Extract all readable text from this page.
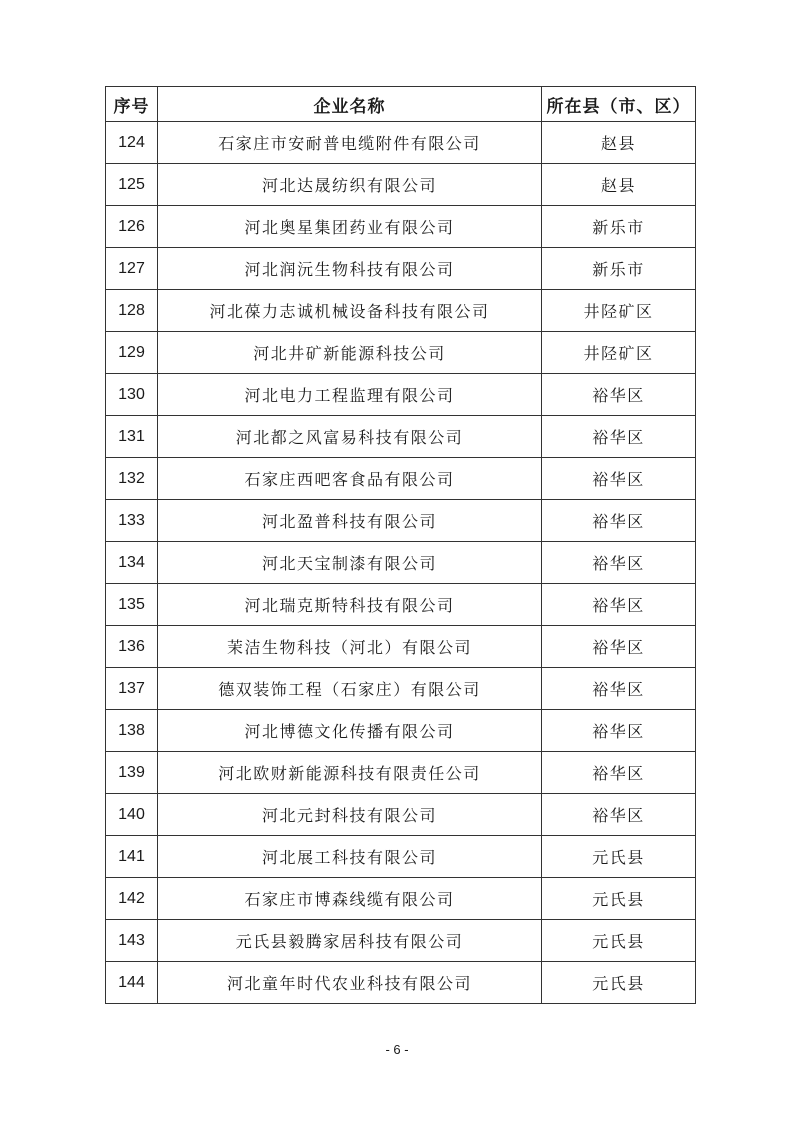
序号	企业名称	所在县（市、区）
124	石家庄市安耐普电缆附件有限公司	赵县
125	河北达晟纺织有限公司	赵县
126	河北奥星集团药业有限公司	新乐市
127	河北润沅生物科技有限公司	新乐市
128	河北葆力志诚机械设备科技有限公司	井陉矿区
129	河北井矿新能源科技公司	井陉矿区
130	河北电力工程监理有限公司	裕华区
131	河北都之风富易科技有限公司	裕华区
132	石家庄西吧客食品有限公司	裕华区
133	河北盈普科技有限公司	裕华区
134	河北天宝制漆有限公司	裕华区
135	河北瑞克斯特科技有限公司	裕华区
136	茉洁生物科技（河北）有限公司	裕华区
137	德双装饰工程（石家庄）有限公司	裕华区
138	河北博德文化传播有限公司	裕华区
139	河北欧财新能源科技有限责任公司	裕华区
140	河北元封科技有限公司	裕华区
141	河北展工科技有限公司	元氏县
142	石家庄市博森线缆有限公司	元氏县
143	元氏县毅腾家居科技有限公司	元氏县
144	河北童年时代农业科技有限公司	元氏县
- 6 -
